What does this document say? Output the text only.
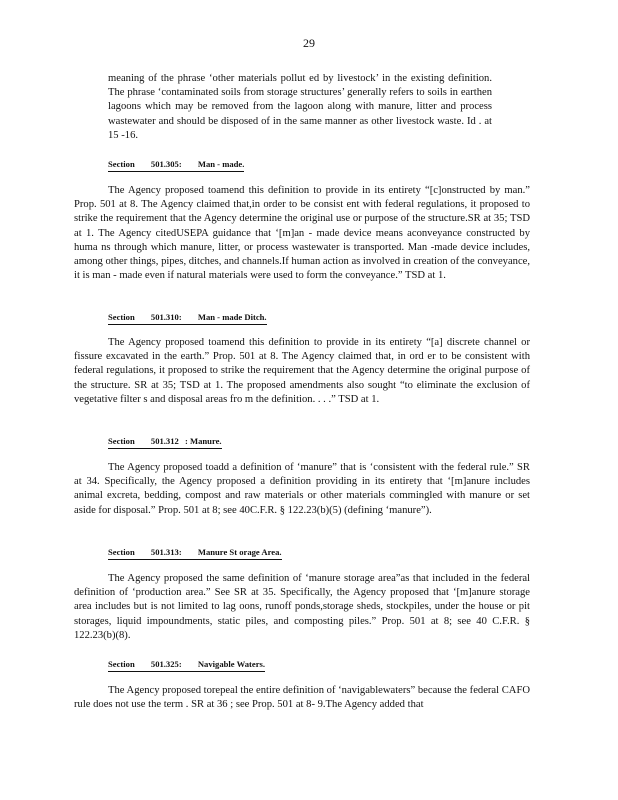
29

meaning of the phrase ‘other materials pollut ed by livestock’ in the existing definition. The phrase ‘contaminated soils from storage structures’ generally refers to soils in earthen lagoons which may be removed from the lagoon along with manure, litter and process wastewater and should be disposed of in the same manner as other livestock waste. Id . at 15 -16.

Section 501.305: Man - made.

The Agency proposed toamend this definition to provide in its entirety “[c]onstructed by man.” Prop. 501 at 8. The Agency claimed that,in order to be consist ent with federal regulations, it proposed to strike the requirement that the Agency determine the original use or purpose of the structure.SR at 35; TSD at 1. The Agency citedUSEPA guidance that ‘[m]an - made device means aconveyance constructed by huma ns through which manure, litter, or process wastewater is transported. Man -made device includes, among other things, pipes, ditches, and channels.If human action as involved in creation of the conveyance, it is man - made even if natural materials were used to form the conveyance.” TSD at 1.

Section 501.310: Man - made Ditch.

The Agency proposed toamend this definition to provide in its entirety “[a] discrete channel or fissure excavated in the earth.” Prop. 501 at 8. The Agency claimed that, in ord er to be consistent with federal regulations, it proposed to strike the requirement that the Agency determine the original purpose of the structure. SR at 35; TSD at 1. The proposed amendments also sought “to eliminate the exclusion of vegetative filter s and disposal areas fro m the definition. . . .” TSD at 1.

Section 501.312 : Manure.

The Agency proposed toadd a definition of ‘manure” that is ‘consistent with the federal rule.” SR at 34. Specifically, the Agency proposed a definition providing in its entirety that ‘[m]anure includes animal excreta, bedding, compost and raw materials or other materials commingled with manure or set aside for disposal.” Prop. 501 at 8; see 40C.F.R. § 122.23(b)(5) (defining ‘manure”).

Section 501.313: Manure St orage Area.

The Agency proposed the same definition of ‘manure storage area”as that included in the federal definition of ‘production area.” See SR at 35. Specifically, the Agency proposed that ‘[m]anure storage area includes but is not limited to lag oons, runoff ponds,storage sheds, stockpiles, under the house or pit storages, liquid impoundments, static piles, and composting piles.” Prop. 501 at 8; see 40 C.F.R. § 122.23(b)(8).

Section 501.325: Navigable Waters.

The Agency proposed torepeal the entire definition of ‘navigablewaters” because the federal CAFO rule does not use the term . SR at 36 ; see Prop. 501 at 8- 9.The Agency added that
